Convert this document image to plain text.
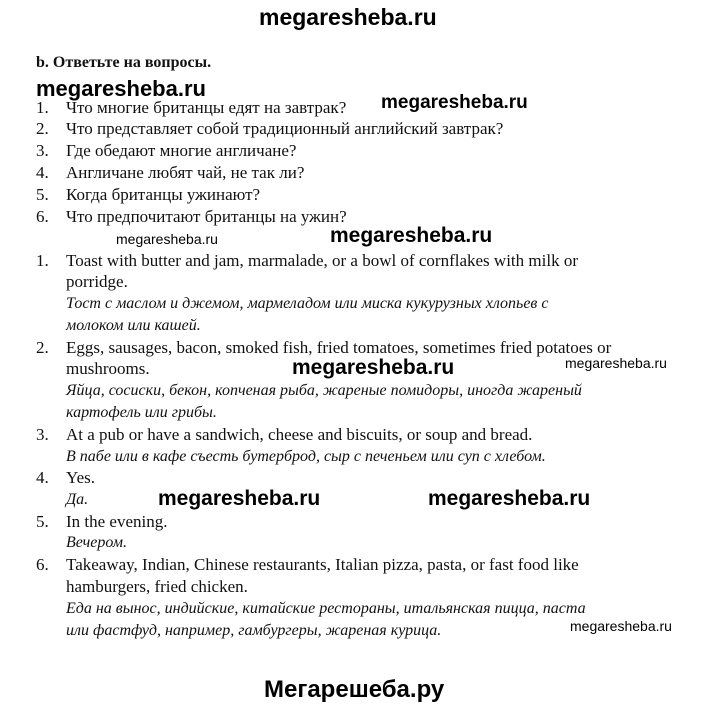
megaresheba.ru
megaresheba.ru
megaresheba.ru
megaresheba.ru	megaresheba.ru
megaresheba.ru
megaresheba.ru
megaresheba.ru	megaresheba.ru
megaresheba.ru
Мегарешеба.ру
b. Ответьте на вопросы.
1. Что многие британцы едят на завтрак?
2. Что представляет собой традиционный английский завтрак?
3. Где обедают многие англичане?
4. Англичане любят чай, не так ли?
5. Когда британцы ужинают?
6. Что предпочитают британцы на ужин?
1. Toast with butter and jam, marmalade, or a bowl of cornflakes with milk or
porridge.
Тост с маслом и джемом, мармеладом или миска кукурузных хлопьев с
молоком или кашей.
2. Eggs, sausages, bacon, smoked fish, fried tomatoes, sometimes fried potatoes or
mushrooms.
Яйца, сосиски, бекон, копченая рыба, жареные помидоры, иногда жареный
картофель или грибы.
3. At a pub or have a sandwich, cheese and biscuits, or soup and bread.
В пабе или в кафе съесть бутерброд, сыр с печеньем или суп с хлебом.
4. Yes.
Да.
5. In the evening.
Вечером.
6. Takeaway, Indian, Chinese restaurants, Italian pizza, pasta, or fast food like
hamburgers, fried chicken.
Еда на вынос, индийские, китайские рестораны, итальянская пицца, паста
или фастфуд, например, гамбургеры, жареная курица.
